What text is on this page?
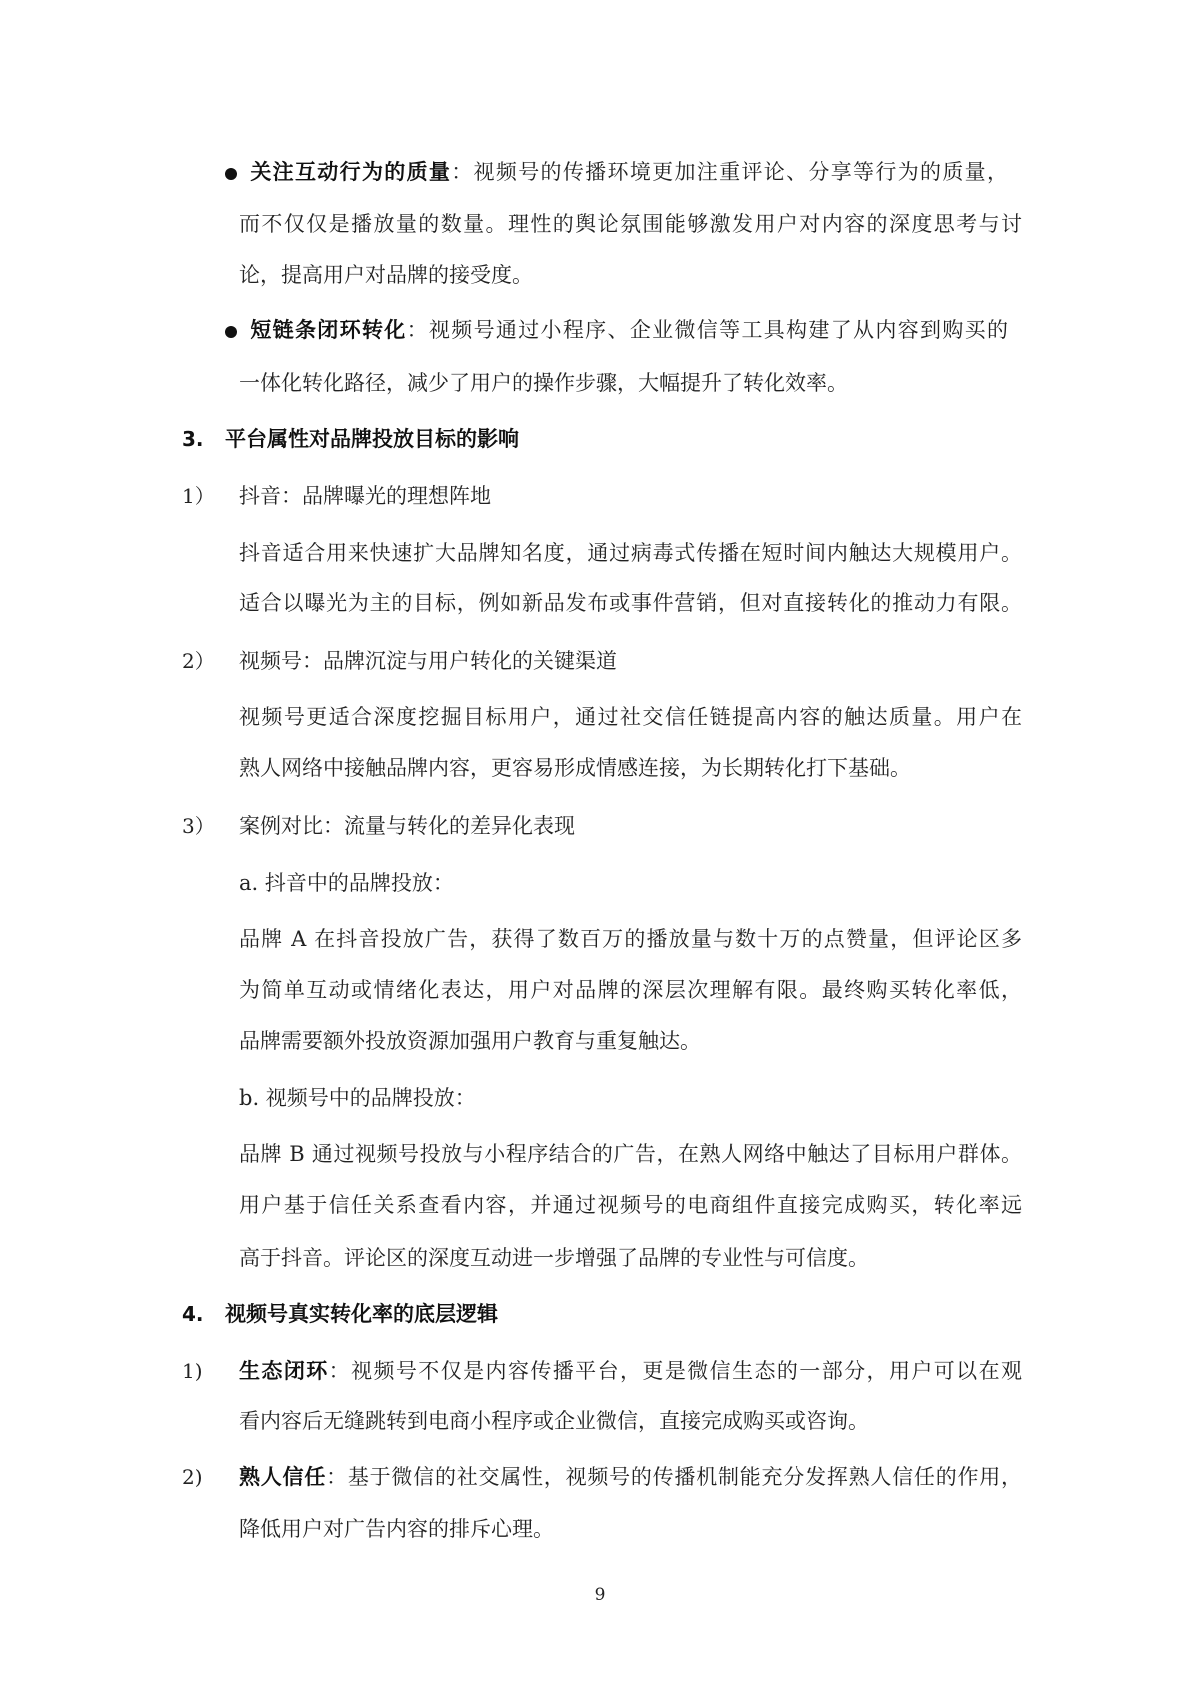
关注互动行为的质量：视频号的传播环境更加注重评论、分享等行为的质量，
而不仅仅是播放量的数量。理性的舆论氛围能够激发用户对内容的深度思考与讨
论，提高用户对品牌的接受度。
短链条闭环转化：视频号通过小程序、企业微信等工具构建了从内容到购买的
一体化转化路径，减少了用户的操作步骤，大幅提升了转化效率。
3. 平台属性对品牌投放目标的影响
1） 抖音：品牌曝光的理想阵地
抖音适合用来快速扩大品牌知名度，通过病毒式传播在短时间内触达大规模用户。
适合以曝光为主的目标，例如新品发布或事件营销，但对直接转化的推动力有限。
2） 视频号：品牌沉淀与用户转化的关键渠道
视频号更适合深度挖掘目标用户，通过社交信任链提高内容的触达质量。用户在
熟人网络中接触品牌内容，更容易形成情感连接，为长期转化打下基础。
3） 案例对比：流量与转化的差异化表现
a. 抖音中的品牌投放：
品牌 A 在抖音投放广告，获得了数百万的播放量与数十万的点赞量，但评论区多
为简单互动或情绪化表达，用户对品牌的深层次理解有限。最终购买转化率低，
品牌需要额外投放资源加强用户教育与重复触达。
b. 视频号中的品牌投放：
品牌 B 通过视频号投放与小程序结合的广告，在熟人网络中触达了目标用户群体。
用户基于信任关系查看内容，并通过视频号的电商组件直接完成购买，转化率远
高于抖音。评论区的深度互动进一步增强了品牌的专业性与可信度。
4. 视频号真实转化率的底层逻辑
1) 生态闭环：视频号不仅是内容传播平台，更是微信生态的一部分，用户可以在观
看内容后无缝跳转到电商小程序或企业微信，直接完成购买或咨询。
2) 熟人信任：基于微信的社交属性，视频号的传播机制能充分发挥熟人信任的作用，
降低用户对广告内容的排斥心理。
9
